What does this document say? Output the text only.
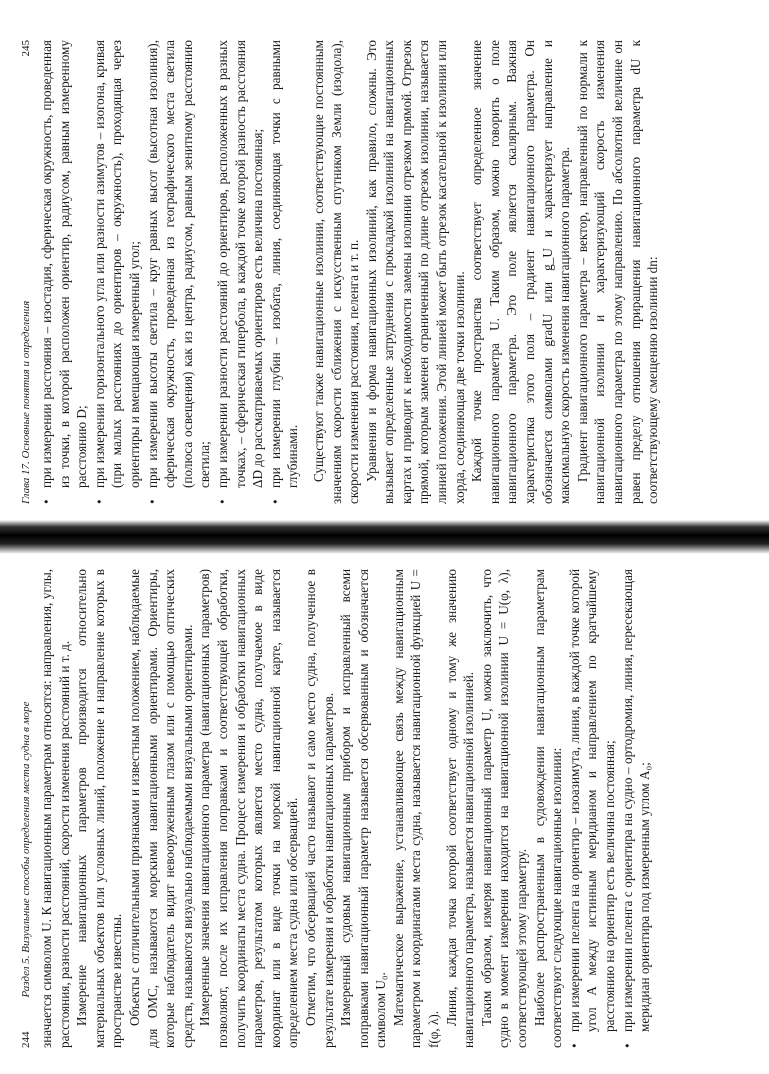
244
Раздел 5. Визуальные способы определения места судна в море значается символом U. К навигационным параметрам относятся: направления, углы, расстояния, разности расстояний, скорости изменения расстояний и т. д. Измерение навигационных параметров производится относительно материальных объектов или условных линий, положение и направление которых в пространстве известны. Объекты с отличительными признаками и известным положением, наблюдаемые для ОМС, называются морскими навигационными ориентирами. Ориентиры, которые наблюдатель видит невооруженным глазом или с помощью оптических средств, называются визуально наблюдаемыми визуальными ориентирами. Измеренные значения навигационного параметра (навигационных параметров) позволяют, после их исправления поправками и соответствующей обработки, получить координаты места судна. Процесс измерения и обработки навигационных параметров, результатом которых является место судна, получаемое в виде координат или в виде точки на морской навигационной карте, называется определением места судна или обсервацией. Отметим, что обсервацией часто называют и само место судна, полученное в результате измерения и обработки навигационных параметров. Измеренный судовым навигационным прибором и исправленный всеми поправками навигационный параметр называется обсервованным и обозначается символом U₀. Математическое выражение, устанавливающее связь между навигационным параметром и координатами места судна, называется навигационной функцией U = f(φ, λ).

Линия, каждая точка которой соответствует одному и тому же значению навигационного параметра, называется навигационной изолинией. Таким образом, измеряя навигационный параметр U, можно заключить, что судно в момент измерения находится на навигационной изолинии U = U(φ, λ), соответствующей этому параметру. Наиболее распространенным в судовождении навигационным параметрам соответствуют следующие навигационные изолинии: • при измерении пеленга на ориентир – изоазимута, линия, в каждой точке которой угол A между истинным меридианом и направлением по кратчайшему расстоянию на ориентир есть величина постоянная; • при измерении пеленга с ориентира на судно – ортодромия, линия, пересекающая меридиан ориентира под измеренным углом A₀;

Глава 17. Основные понятия и определения
245 • при измерении расстояния – изостадия, сферическая окружность, проведенная из точки, в которой расположен ориентир, радиусом, равным измеренному расстоянию D; • при измерении горизонтального угла или разности азимутов – изогона, кривая (при малых расстояниях до ориентиров – окружность), проходящая через ориентиры и вмещающая измеренный угол; • при измерении высоты светила – круг равных высот (высотная изолиния), сферическая окружность, проведенная из географического места светила (полюса освещения) как из центра, радиусом, равным зенитному расстоянию светила; • при измерении разности расстояний до ориентиров, расположенных в разных точках, – сферическая гипербола, в каждой точке которой разность расстояния ΔD до рассматриваемых ориентиров есть величина постоянная; • при измерении глубин – изобата, линия, соединяющая точки с равными глубинами. Существуют также навигационные изолинии, соответствующие постоянным значениям скорости сближения с искусственным спутником Земли (изодола), скорости изменения расстояния, пеленга и т. п. Уравнения и форма навигационных изолиний, как правило, сложны. Это вызывает определенные затруднения с прокладкой изолиний на навигационных картах и приводит к необходимости замены изолинии отрезком прямой. Отрезок прямой, которым заменен ограниченный по длине отрезок изолинии, называется линией положения. Этой линией может быть отрезок касательной к изолинии или хорда, соединяющая две точки изолинии. Каждой точке пространства соответствует определенное значение навигационного параметра U. Таким образом, можно говорить о поле навигационного параметра. Это поле является скалярным. Важная характеристика этого поля – градиент навигационного параметра. Он обозначается символами gradU или g_U и характеризует направление и максимальную скорость изменения навигационного параметра. Градиент навигационного параметра – вектор, направленный по нормали к навигационной изолинии и характеризующий скорость изменения навигационного параметра по этому направлению. По абсолютной величине он равен пределу отношения приращения навигационного параметра dU к соответствующему смещению изолинии dn:
